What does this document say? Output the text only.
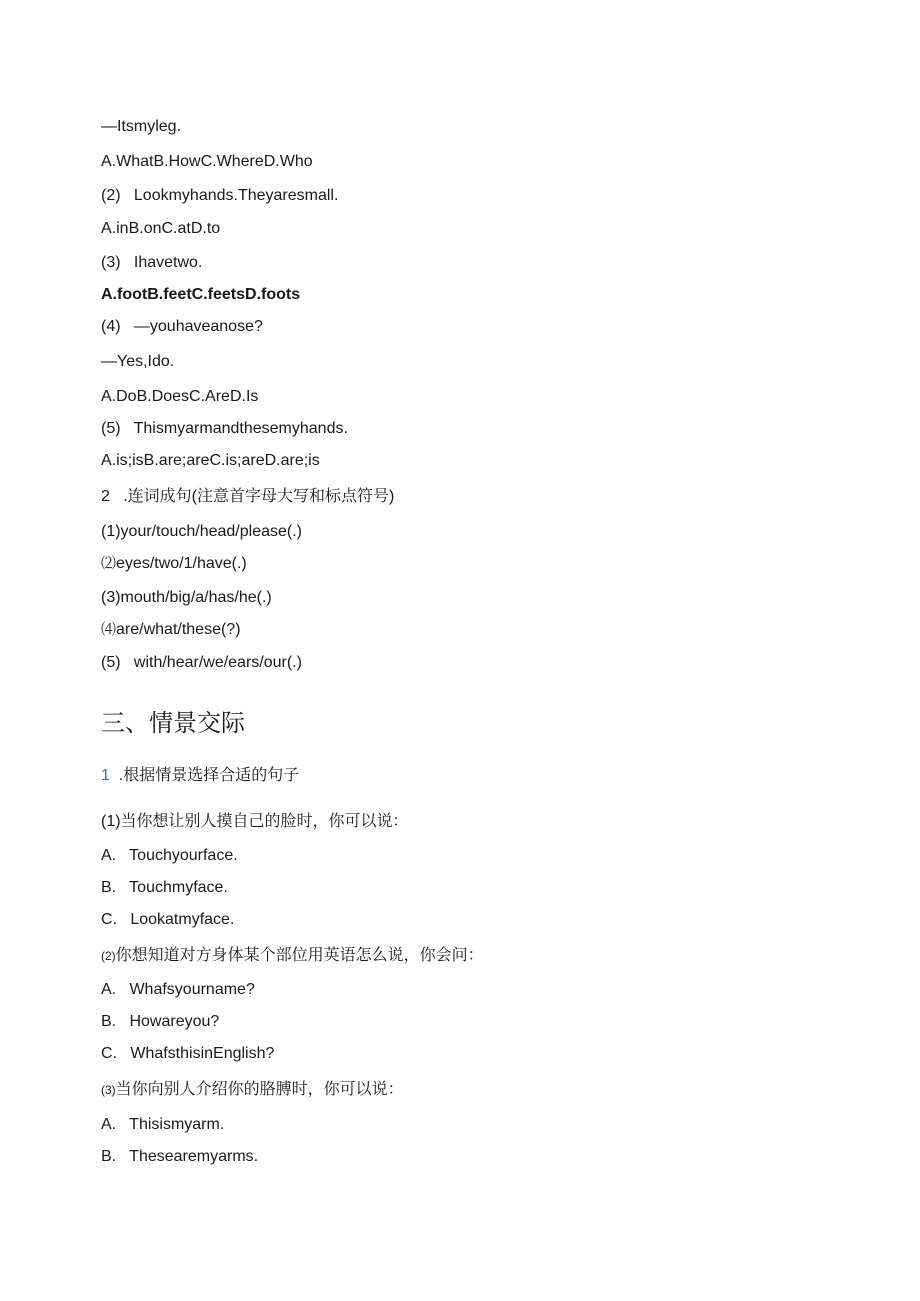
—Itsmyleg.
A.WhatB.HowC.WhereD.Who
(2)   Lookmyhands.Theyaresmall.
A.inB.onC.atD.to
(3)   Ihavetwo.
A.footB.feetC.feetsD.foots
(4)   —youhaveanose?
—Yes,Ido.
A.DoB.DoesC.AreD.Is
(5)   Thismyarmandthesemyhands.
A.is;isB.are;areC.is;areD.are;is
2   .连词成句(注意首字母大写和标点符号)
(1)your/touch/head/please(.)
⑵eyes/two/1/have(.)
(3)mouth/big/a/has/he(.)
⑷are/what/these(?)
(5)   with/hear/we/ears/our(.)
三、情景交际
1  .根据情景选择合适的句子
(1)当你想让别人摸自己的脸时，你可以说：
A.   Touchyourface.
B.   Touchmyface.
C.   Lookatmyface.
(2)你想知道对方身体某个部位用英语怎么说，你会问：
A.   Whafsyourname?
B.   Howareyou?
C.   WhafsthisinEnglish?
(3)当你向别人介绍你的胳膊时，你可以说：
A.   Thisismyarm.
B.   Thesearemyarms.
